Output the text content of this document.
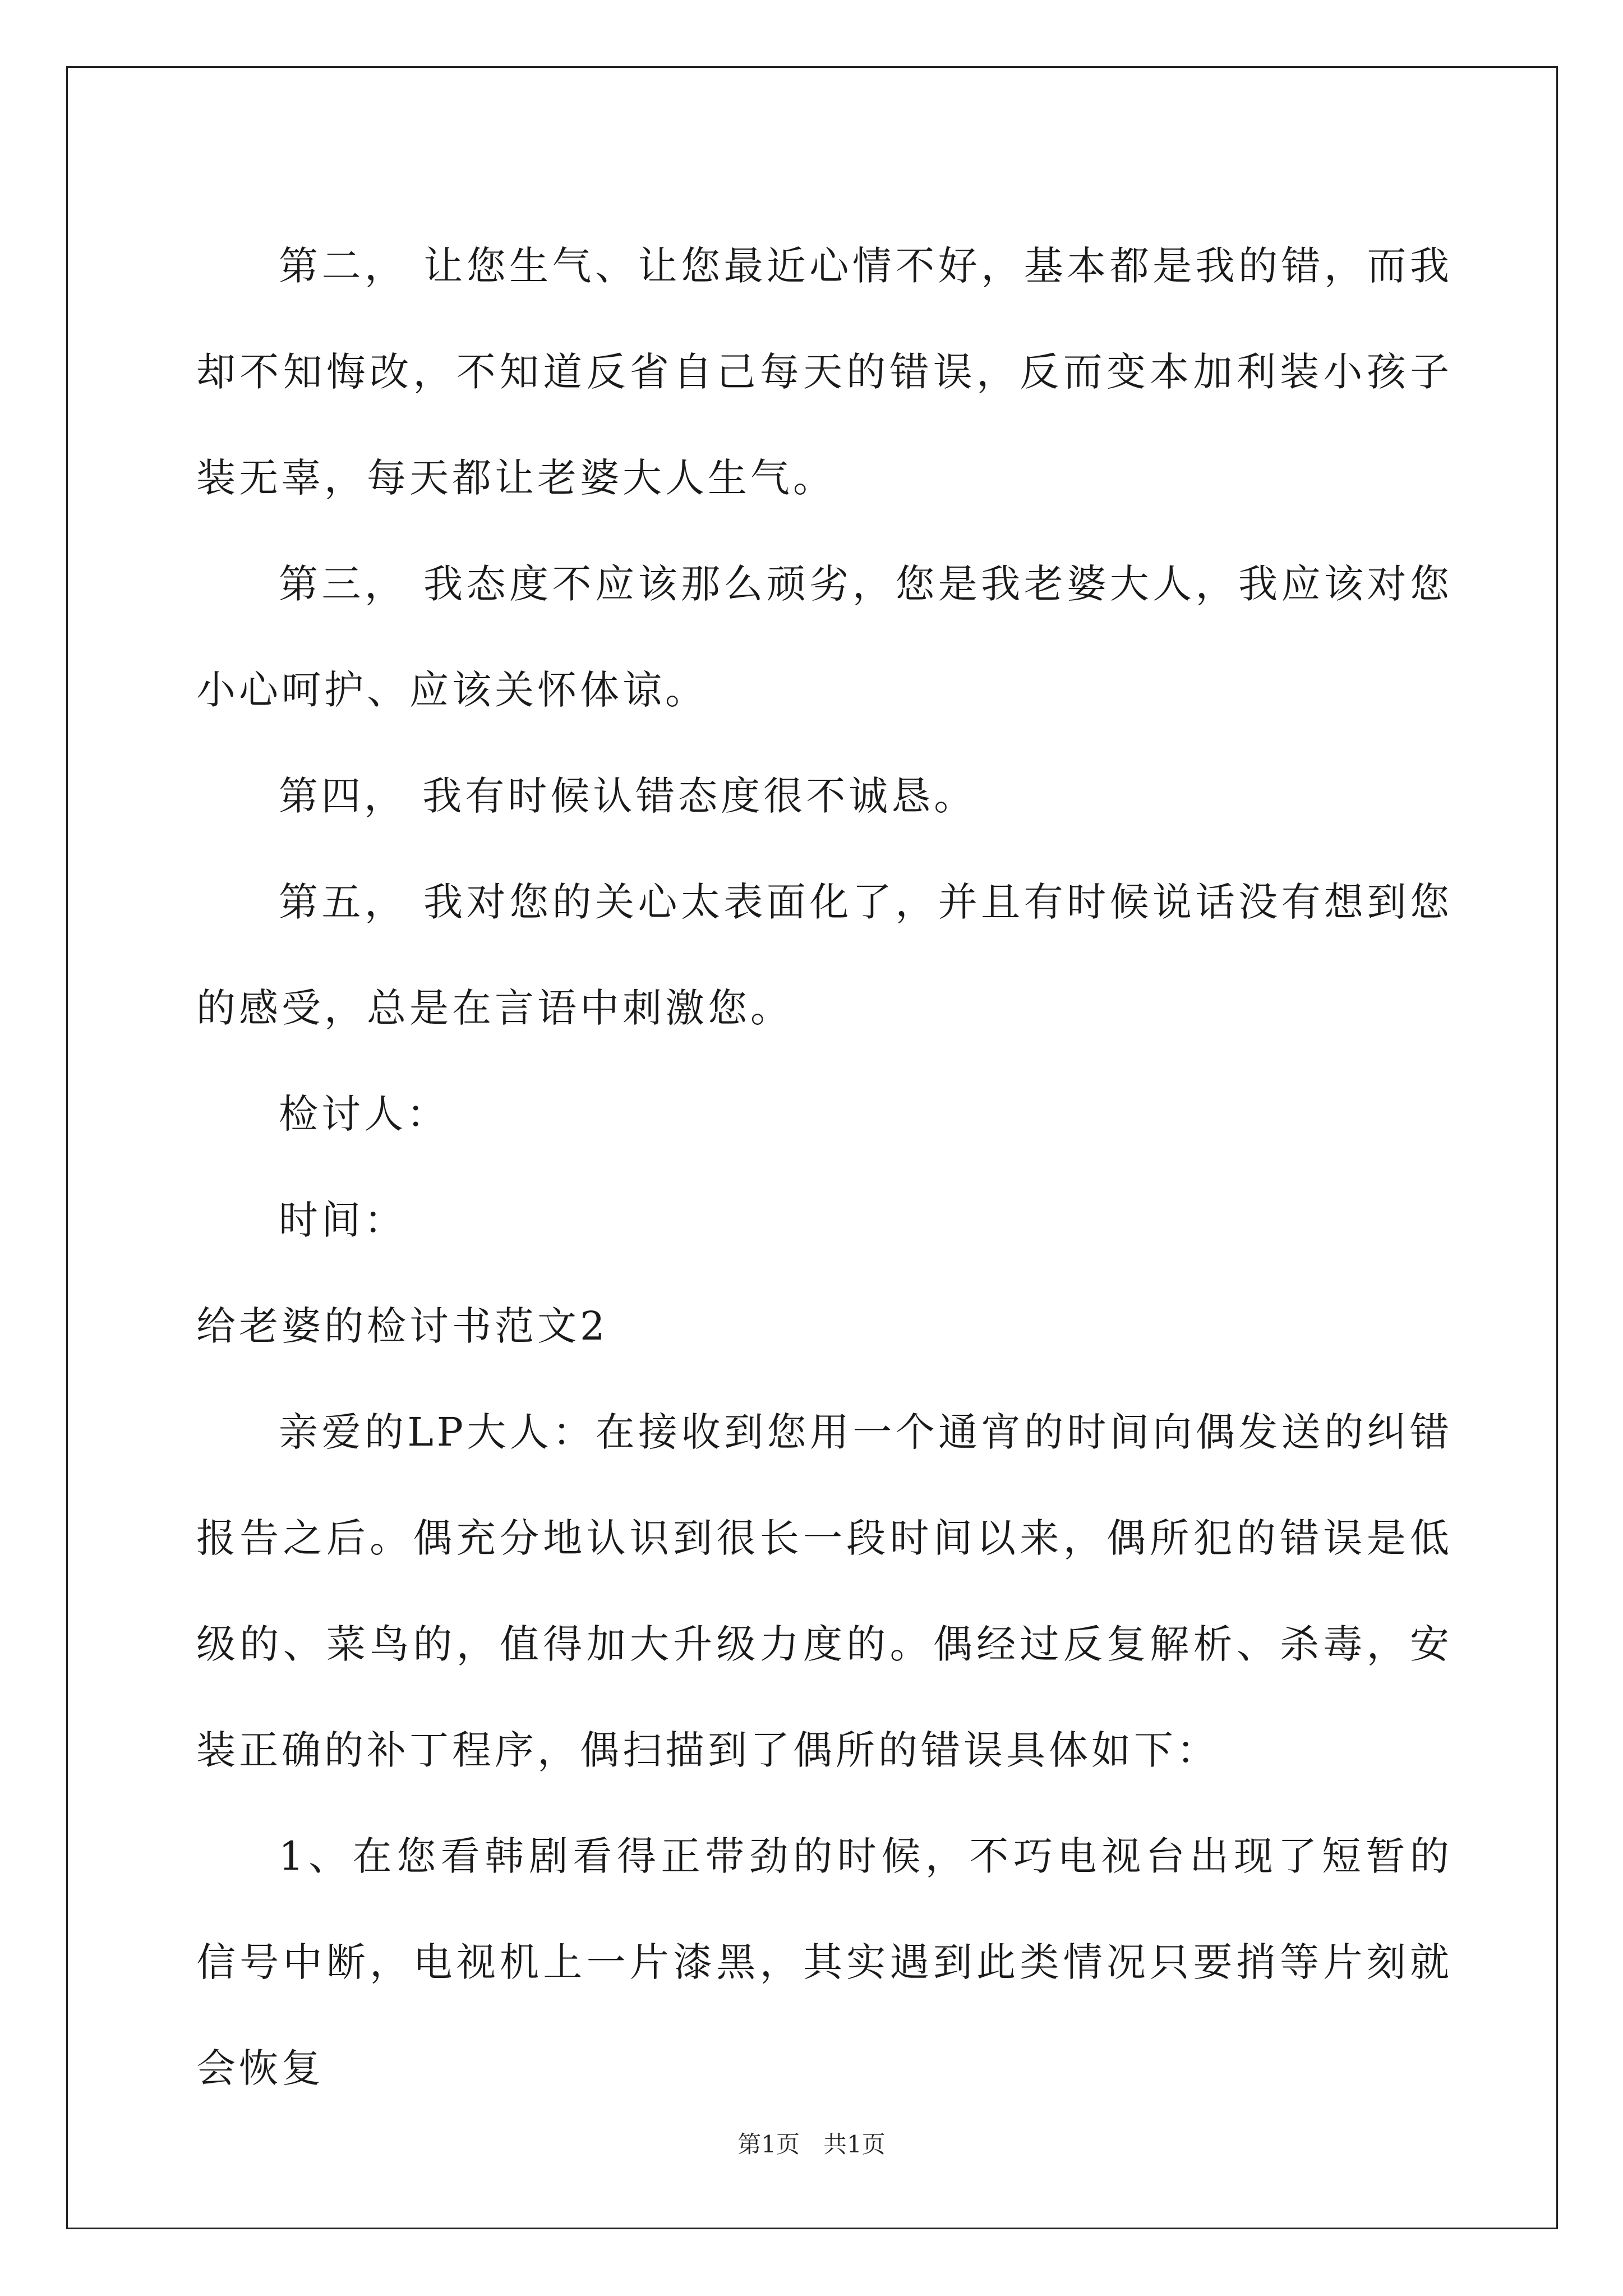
第二， 让您生气、让您最近心情不好，基本都是我的错，而我却不知悔改，不知道反省自己每天的错误，反而变本加利装小孩子装无辜，每天都让老婆大人生气。

第三， 我态度不应该那么顽劣，您是我老婆大人，我应该对您小心呵护、应该关怀体谅。

第四， 我有时候认错态度很不诚恳。

第五， 我对您的关心太表面化了，并且有时候说话没有想到您的感受，总是在言语中刺激您。

检讨人：

时间：

给老婆的检讨书范文2

亲爱的LP大人：在接收到您用一个通宵的时间向偶发送的纠错报告之后。偶充分地认识到很长一段时间以来，偶所犯的错误是低级的、菜鸟的，值得加大升级力度的。偶经过反复解析、杀毒，安装正确的补丁程序，偶扫描到了偶所的错误具体如下：

1、在您看韩剧看得正带劲的时候，不巧电视台出现了短暂的信号中断，电视机上一片漆黑，其实遇到此类情况只要捎等片刻就会恢复

第1页　共1页
